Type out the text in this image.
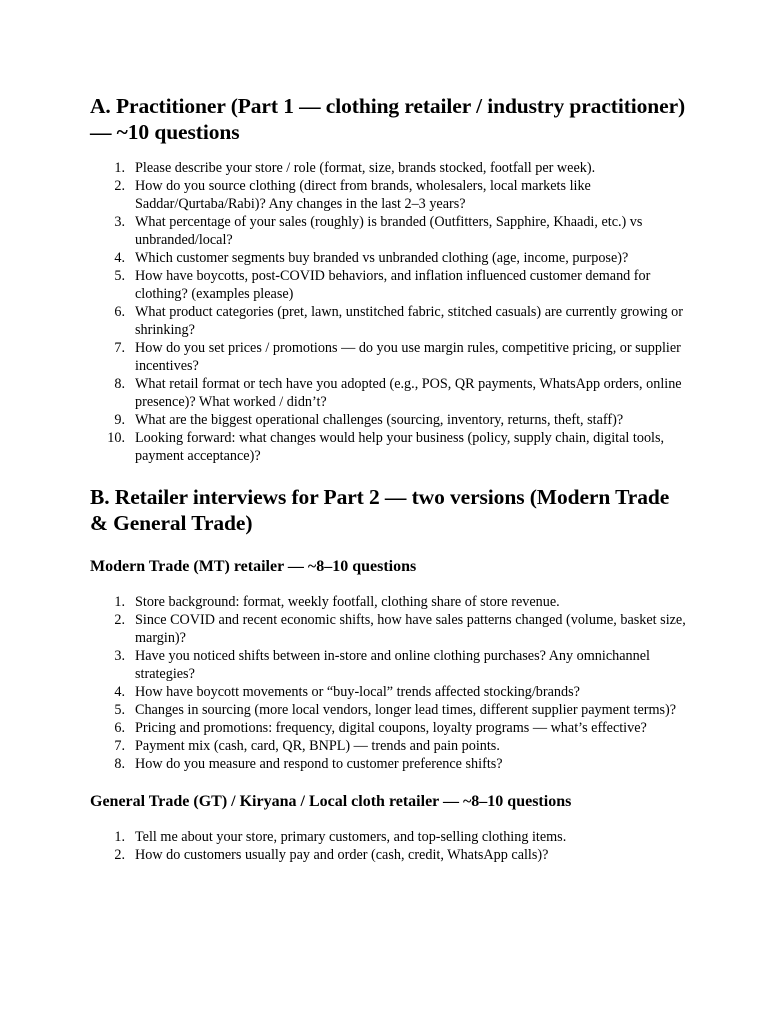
A. Practitioner (Part 1 — clothing retailer / industry practitioner) — ~10 questions
1. Please describe your store / role (format, size, brands stocked, footfall per week).
2. How do you source clothing (direct from brands, wholesalers, local markets like Saddar/Qurtaba/Rabi)? Any changes in the last 2–3 years?
3. What percentage of your sales (roughly) is branded (Outfitters, Sapphire, Khaadi, etc.) vs unbranded/local?
4. Which customer segments buy branded vs unbranded clothing (age, income, purpose)?
5. How have boycotts, post-COVID behaviors, and inflation influenced customer demand for clothing? (examples please)
6. What product categories (pret, lawn, unstitched fabric, stitched casuals) are currently growing or shrinking?
7. How do you set prices / promotions — do you use margin rules, competitive pricing, or supplier incentives?
8. What retail format or tech have you adopted (e.g., POS, QR payments, WhatsApp orders, online presence)? What worked / didn’t?
9. What are the biggest operational challenges (sourcing, inventory, returns, theft, staff)?
10. Looking forward: what changes would help your business (policy, supply chain, digital tools, payment acceptance)?
B. Retailer interviews for Part 2 — two versions (Modern Trade & General Trade)
Modern Trade (MT) retailer — ~8–10 questions
1. Store background: format, weekly footfall, clothing share of store revenue.
2. Since COVID and recent economic shifts, how have sales patterns changed (volume, basket size, margin)?
3. Have you noticed shifts between in-store and online clothing purchases? Any omnichannel strategies?
4. How have boycott movements or “buy-local” trends affected stocking/brands?
5. Changes in sourcing (more local vendors, longer lead times, different supplier payment terms)?
6. Pricing and promotions: frequency, digital coupons, loyalty programs — what’s effective?
7. Payment mix (cash, card, QR, BNPL) — trends and pain points.
8. How do you measure and respond to customer preference shifts?
General Trade (GT) / Kiryana / Local cloth retailer — ~8–10 questions
1. Tell me about your store, primary customers, and top-selling clothing items.
2. How do customers usually pay and order (cash, credit, WhatsApp calls)?
